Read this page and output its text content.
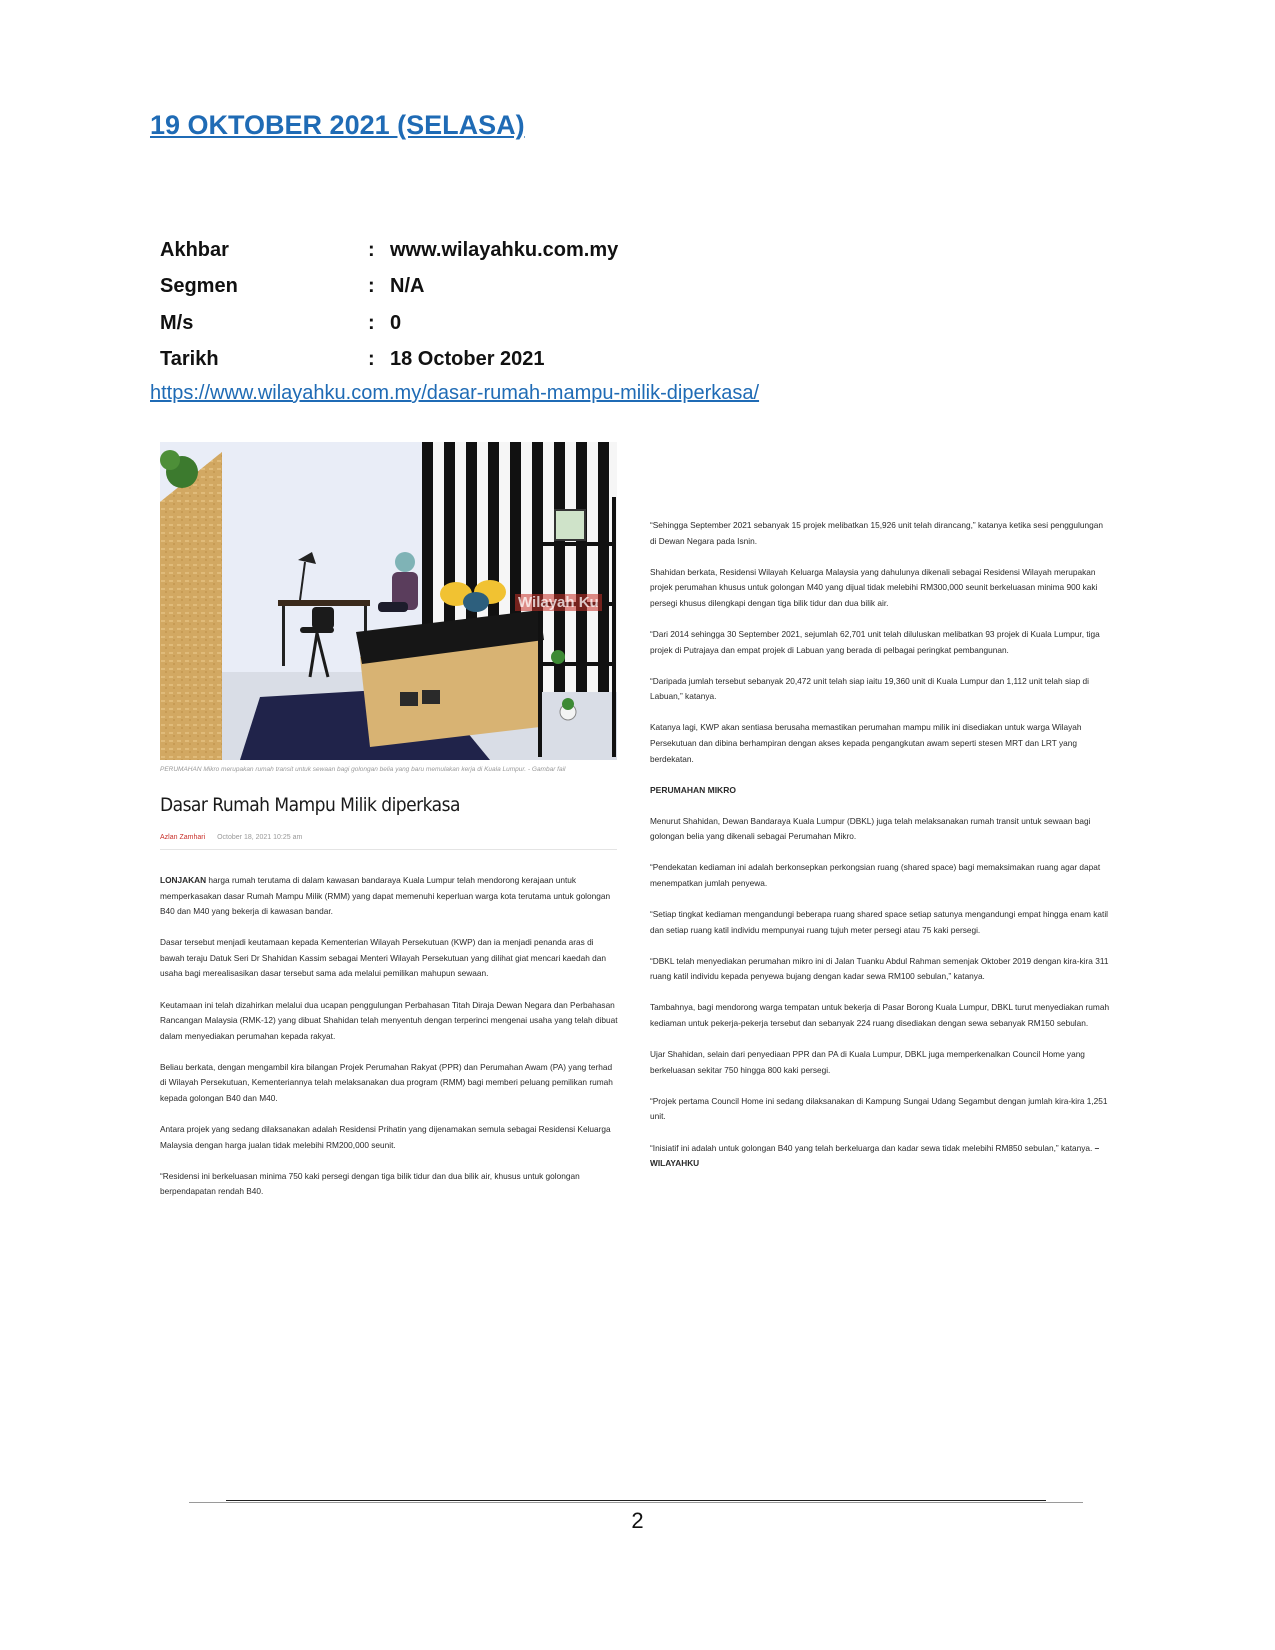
19 OKTOBER 2021 (SELASA)
Akhbar	: www.wilayahku.com.my
Segmen	: N/A
M/s	: 0
Tarikh	: 18 October 2021
https://www.wilayahku.com.my/dasar-rumah-mampu-milik-diperkasa/
Wilayah Ku
PERUMAHAN Mikro merupakan rumah transit untuk sewaan bagi golongan belia yang baru memulakan kerja di Kuala Lumpur. - Gambar fail
Dasar Rumah Mampu Milik diperkasa
Azlan Zamhari October 18, 2021 10:25 am

LONJAKAN harga rumah terutama di dalam kawasan bandaraya Kuala Lumpur telah mendorong kerajaan untuk memperkasakan dasar Rumah Mampu Milik (RMM) yang dapat memenuhi keperluan warga kota terutama untuk golongan B40 dan M40 yang bekerja di kawasan bandar.

Dasar tersebut menjadi keutamaan kepada Kementerian Wilayah Persekutuan (KWP) dan ia menjadi penanda aras di bawah teraju Datuk Seri Dr Shahidan Kassim sebagai Menteri Wilayah Persekutuan yang dilihat giat mencari kaedah dan usaha bagi merealisasikan dasar tersebut sama ada melalui pemilikan mahupun sewaan.

Keutamaan ini telah dizahirkan melalui dua ucapan penggulungan Perbahasan Titah Diraja Dewan Negara dan Perbahasan Rancangan Malaysia (RMK-12) yang dibuat Shahidan telah menyentuh dengan terperinci mengenai usaha yang telah dibuat dalam menyediakan perumahan kepada rakyat.

Beliau berkata, dengan mengambil kira bilangan Projek Perumahan Rakyat (PPR) dan Perumahan Awam (PA) yang terhad di Wilayah Persekutuan, Kementeriannya telah melaksanakan dua program (RMM) bagi memberi peluang pemilikan rumah kepada golongan B40 dan M40.

Antara projek yang sedang dilaksanakan adalah Residensi Prihatin yang dijenamakan semula sebagai Residensi Keluarga Malaysia dengan harga jualan tidak melebihi RM200,000 seunit.

“Residensi ini berkeluasan minima 750 kaki persegi dengan tiga bilik tidur dan dua bilik air, khusus untuk golongan berpendapatan rendah B40.

“Sehingga September 2021 sebanyak 15 projek melibatkan 15,926 unit telah dirancang,” katanya ketika sesi penggulungan di Dewan Negara pada Isnin.

Shahidan berkata, Residensi Wilayah Keluarga Malaysia yang dahulunya dikenali sebagai Residensi Wilayah merupakan projek perumahan khusus untuk golongan M40 yang dijual tidak melebihi RM300,000 seunit berkeluasan minima 900 kaki persegi khusus dilengkapi dengan tiga bilik tidur dan dua bilik air.

“Dari 2014 sehingga 30 September 2021, sejumlah 62,701 unit telah diluluskan melibatkan 93 projek di Kuala Lumpur, tiga projek di Putrajaya dan empat projek di Labuan yang berada di pelbagai peringkat pembangunan.

“Daripada jumlah tersebut sebanyak 20,472 unit telah siap iaitu 19,360 unit di Kuala Lumpur dan 1,112 unit telah siap di Labuan,” katanya.

Katanya lagi, KWP akan sentiasa berusaha memastikan perumahan mampu milik ini disediakan untuk warga Wilayah Persekutuan dan dibina berhampiran dengan akses kepada pengangkutan awam seperti stesen MRT dan LRT yang berdekatan.

PERUMAHAN MIKRO

Menurut Shahidan, Dewan Bandaraya Kuala Lumpur (DBKL) juga telah melaksanakan rumah transit untuk sewaan bagi golongan belia yang dikenali sebagai Perumahan Mikro.

“Pendekatan kediaman ini adalah berkonsepkan perkongsian ruang (shared space) bagi memaksimakan ruang agar dapat menempatkan jumlah penyewa.

“Setiap tingkat kediaman mengandungi beberapa ruang shared space setiap satunya mengandungi empat hingga enam katil dan setiap ruang katil individu mempunyai ruang tujuh meter persegi atau 75 kaki persegi.

“DBKL telah menyediakan perumahan mikro ini di Jalan Tuanku Abdul Rahman semenjak Oktober 2019 dengan kira-kira 311 ruang katil individu kepada penyewa bujang dengan kadar sewa RM100 sebulan,” katanya.

Tambahnya, bagi mendorong warga tempatan untuk bekerja di Pasar Borong Kuala Lumpur, DBKL turut menyediakan rumah kediaman untuk pekerja-pekerja tersebut dan sebanyak 224 ruang disediakan dengan sewa sebanyak RM150 sebulan.

Ujar Shahidan, selain dari penyediaan PPR dan PA di Kuala Lumpur, DBKL juga memperkenalkan Council Home yang berkeluasan sekitar 750 hingga 800 kaki persegi.

“Projek pertama Council Home ini sedang dilaksanakan di Kampung Sungai Udang Segambut dengan jumlah kira-kira 1,251 unit.

“Inisiatif ini adalah untuk golongan B40 yang telah berkeluarga dan kadar sewa tidak melebihi RM850 sebulan,” katanya. – WILAYAHKU

2
